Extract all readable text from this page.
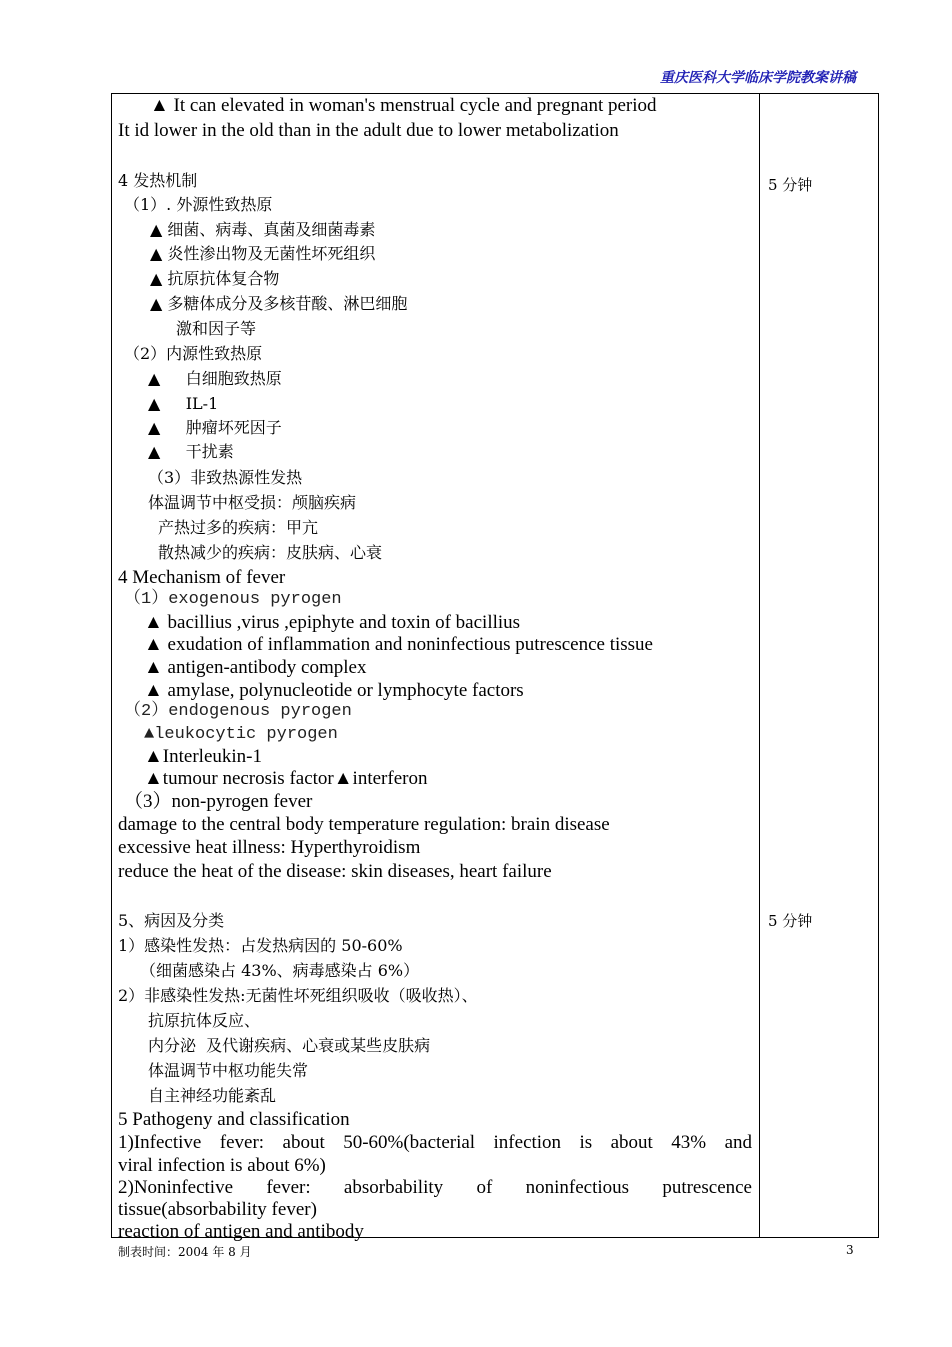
重庆医科大学临床学院教案讲稿
▲ It can elevated in woman's menstrual cycle and pregnant period
It id lower in the old than in the adult due to lower metabolization
4 发热机制
（1）. 外源性致热原
▲ 细菌、病毒、真菌及细菌毒素
▲ 炎性渗出物及无菌性坏死组织
▲ 抗原抗体复合物
▲ 多糖体成分及多核苷酸、淋巴细胞
激和因子等
（2）内源性致热原
▲     白细胞致热原
▲     IL-1
▲     肿瘤坏死因子
▲     干扰素
（3）非致热源性发热
体温调节中枢受损：颅脑疾病
产热过多的疾病：甲亢
散热减少的疾病：皮肤病、心衰
4 Mechanism of fever
（1）exogenous pyrogen
▲ bacillius ,virus ,epiphyte and toxin of bacillius
▲ exudation of inflammation and noninfectious putrescence tissue
▲ antigen-antibody complex
▲ amylase, polynucleotide or lymphocyte factors
（2）endogenous pyrogen
▲leukocytic pyrogen
▲Interleukin-1
▲tumour necrosis factor▲interferon
（3）non-pyrogen fever
damage to the central body temperature regulation: brain disease
excessive heat illness: Hyperthyroidism
reduce the heat of the disease: skin diseases, heart failure
5、病因及分类
1）感染性发热：占发热病因的 50-60%
（细菌感染占 43%、病毒感染占 6%）
2）非感染性发热:无菌性坏死组织吸收（吸收热）、
抗原抗体反应、
内分泌  及代谢疾病、心衰或某些皮肤病
体温调节中枢功能失常
自主神经功能紊乱
5 Pathogeny and classification
1)Infective fever: about 50-60%(bacterial infection is about 43% and
viral infection is about 6%)
2)Noninfective fever: absorbability of noninfectious putrescence
tissue(absorbability fever)
reaction of antigen and antibody
5 分钟
5 分钟
制表时间：2004 年 8 月	3
